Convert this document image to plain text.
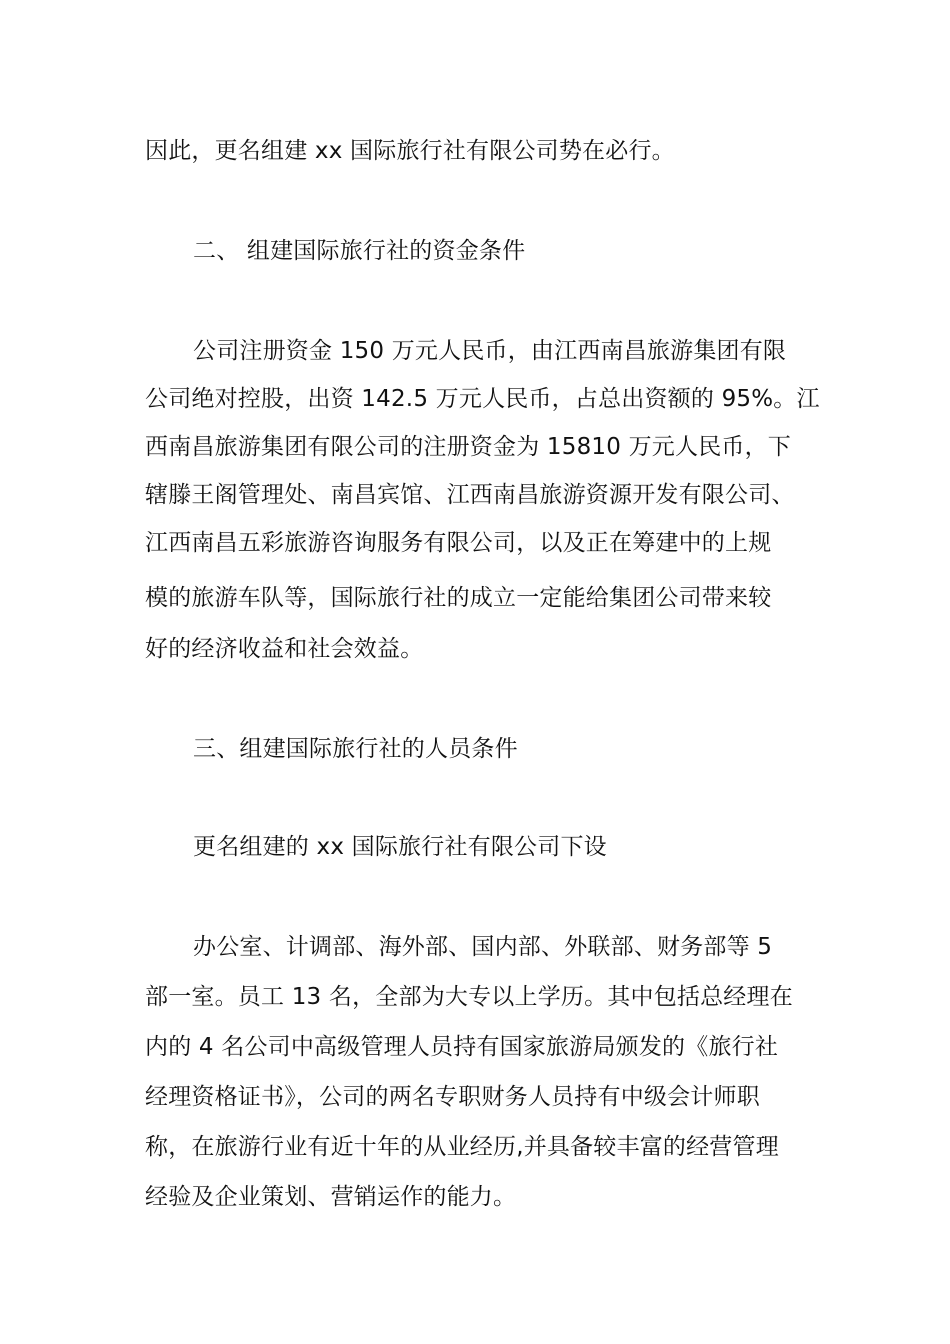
因此，更名组建 xx 国际旅行社有限公司势在必行。
二、 组建国际旅行社的资金条件
公司注册资金 150 万元人民币，由江西南昌旅游集团有限
公司绝对控股，出资 142.5 万元人民币，占总出资额的 95%。江
西南昌旅游集团有限公司的注册资金为 15810 万元人民币，下
辖滕王阁管理处、南昌宾馆、江西南昌旅游资源开发有限公司、
江西南昌五彩旅游咨询服务有限公司，以及正在筹建中的上规
模的旅游车队等，国际旅行社的成立一定能给集团公司带来较
好的经济收益和社会效益。
三、组建国际旅行社的人员条件
更名组建的 xx 国际旅行社有限公司下设
办公室、计调部、海外部、国内部、外联部、财务部等 5
部一室。员工 13 名，全部为大专以上学历。其中包括总经理在
内的 4 名公司中高级管理人员持有国家旅游局颁发的《旅行社
经理资格证书》，公司的两名专职财务人员持有中级会计师职
称，在旅游行业有近十年的从业经历,并具备较丰富的经营管理
经验及企业策划、营销运作的能力。
